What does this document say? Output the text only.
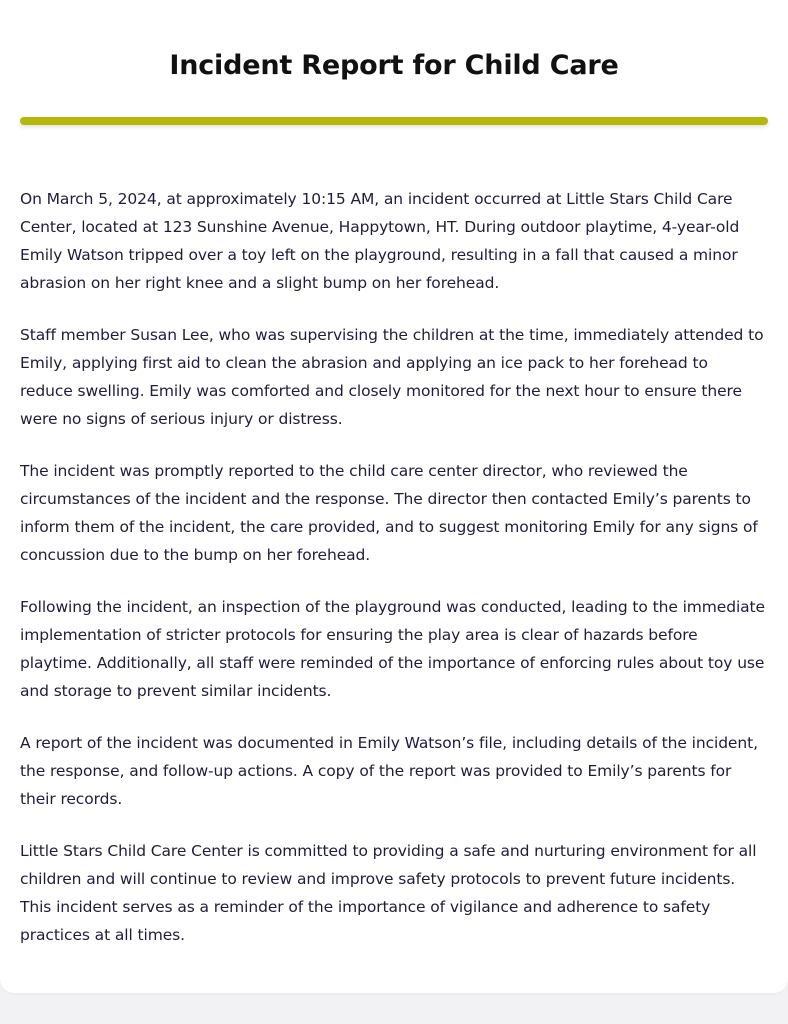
Incident Report for Child Care

On March 5, 2024, at approximately 10:15 AM, an incident occurred at Little Stars Child Care Center, located at 123 Sunshine Avenue, Happytown, HT. During outdoor playtime, 4-year-old Emily Watson tripped over a toy left on the playground, resulting in a fall that caused a minor abrasion on her right knee and a slight bump on her forehead.

Staff member Susan Lee, who was supervising the children at the time, immediately attended to Emily, applying first aid to clean the abrasion and applying an ice pack to her forehead to reduce swelling. Emily was comforted and closely monitored for the next hour to ensure there were no signs of serious injury or distress.

The incident was promptly reported to the child care center director, who reviewed the circumstances of the incident and the response. The director then contacted Emily’s parents to inform them of the incident, the care provided, and to suggest monitoring Emily for any signs of concussion due to the bump on her forehead.

Following the incident, an inspection of the playground was conducted, leading to the immediate implementation of stricter protocols for ensuring the play area is clear of hazards before playtime. Additionally, all staff were reminded of the importance of enforcing rules about toy use and storage to prevent similar incidents.

A report of the incident was documented in Emily Watson’s file, including details of the incident, the response, and follow-up actions. A copy of the report was provided to Emily’s parents for their records.

Little Stars Child Care Center is committed to providing a safe and nurturing environment for all children and will continue to review and improve safety protocols to prevent future incidents. This incident serves as a reminder of the importance of vigilance and adherence to safety practices at all times.
